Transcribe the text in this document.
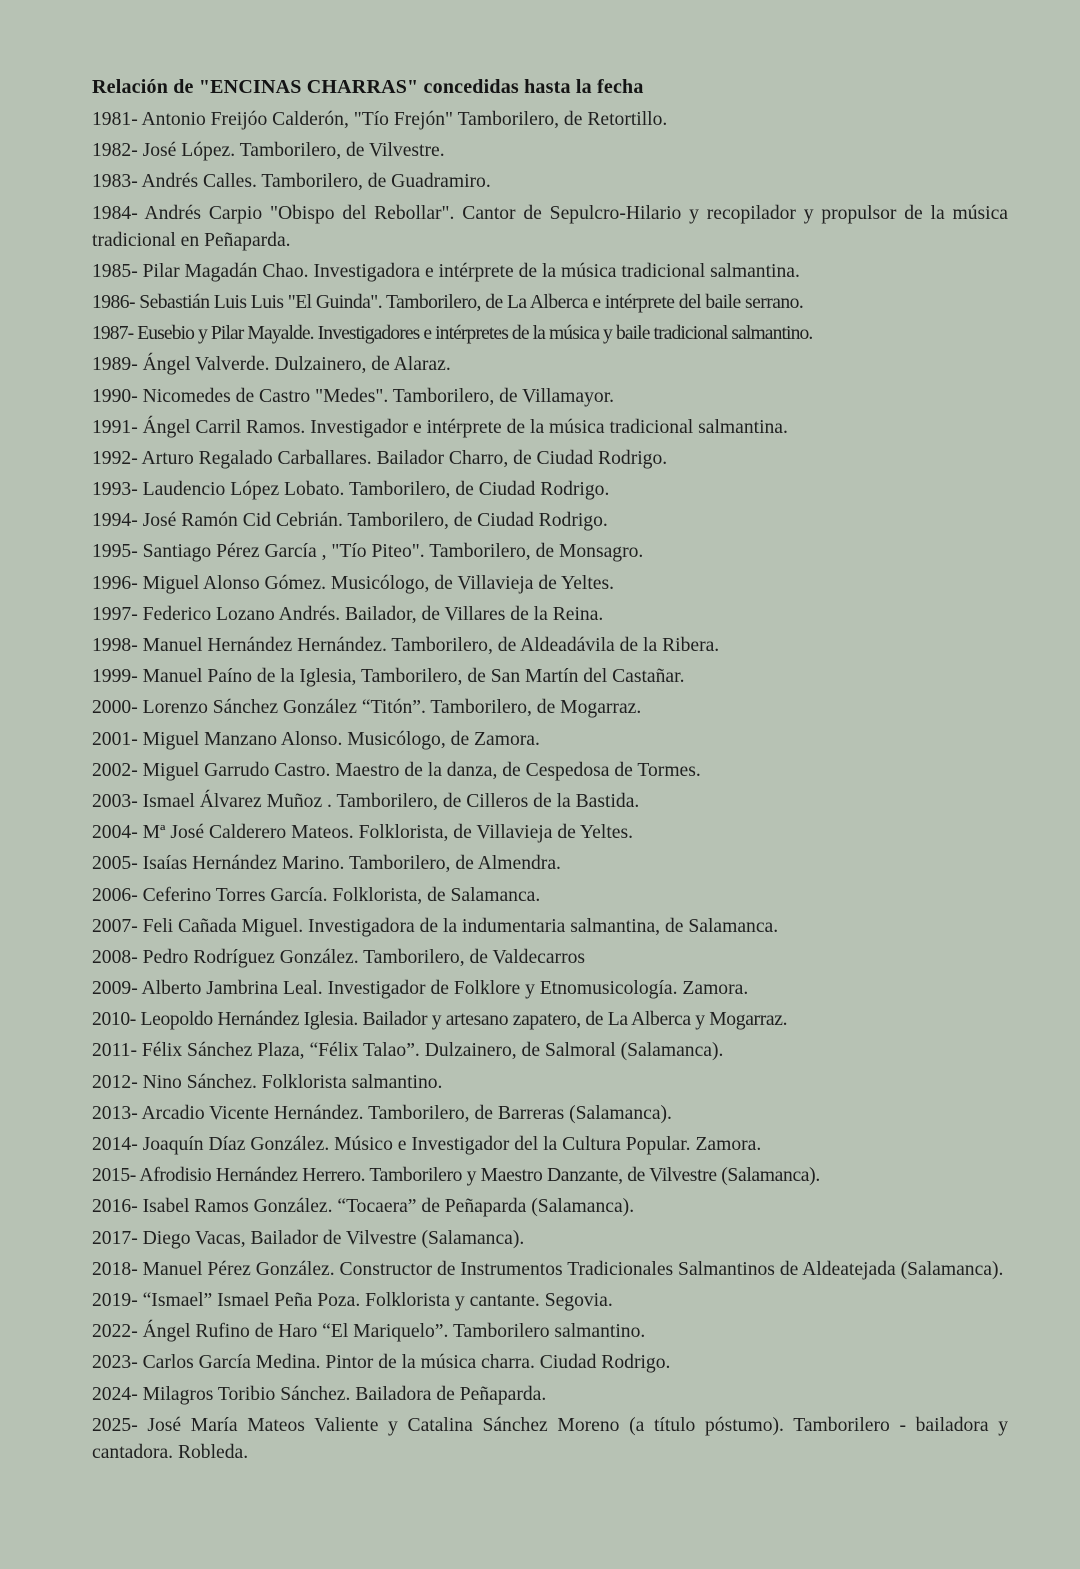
Relación de "ENCINAS CHARRAS" concedidas hasta la fecha
1981- Antonio Freijóo Calderón, "Tío Frejón" Tamborilero, de Retortillo.
1982- José López. Tamborilero, de Vilvestre.
1983- Andrés Calles. Tamborilero, de Guadramiro.
1984- Andrés Carpio "Obispo del Rebollar". Cantor de Sepulcro-Hilario y recopilador y propulsor de la música tradicional en Peñaparda.
1985- Pilar Magadán Chao. Investigadora e intérprete de la música tradicional salmantina.
1986- Sebastián Luis Luis "El Guinda". Tamborilero, de La Alberca e intérprete del baile serrano.
1987- Eusebio y Pilar Mayalde. Investigadores e intérpretes de la música y baile tradicional salmantino.
1989- Ángel Valverde. Dulzainero, de Alaraz.
1990- Nicomedes de Castro "Medes". Tamborilero, de Villamayor.
1991- Ángel Carril Ramos. Investigador e intérprete de la música tradicional salmantina.
1992- Arturo Regalado Carballares. Bailador Charro, de Ciudad Rodrigo.
1993- Laudencio López Lobato. Tamborilero, de Ciudad Rodrigo.
1994- José Ramón Cid Cebrián. Tamborilero, de Ciudad Rodrigo.
1995- Santiago Pérez García , "Tío Piteo". Tamborilero, de Monsagro.
1996- Miguel Alonso Gómez. Musicólogo, de Villavieja de Yeltes.
1997- Federico Lozano Andrés. Bailador, de Villares de la Reina.
1998- Manuel Hernández Hernández. Tamborilero, de Aldeadávila de la Ribera.
1999- Manuel Paíno de la Iglesia, Tamborilero, de San Martín del Castañar.
2000- Lorenzo Sánchez González “Titón”. Tamborilero, de Mogarraz.
2001- Miguel Manzano Alonso. Musicólogo, de Zamora.
2002- Miguel Garrudo Castro. Maestro de la danza, de Cespedosa de Tormes.
2003- Ismael Álvarez Muñoz . Tamborilero, de Cilleros de la Bastida.
2004- Mª José Calderero Mateos. Folklorista, de Villavieja de Yeltes.
2005- Isaías Hernández Marino. Tamborilero, de Almendra.
2006- Ceferino Torres García. Folklorista, de Salamanca.
2007- Feli Cañada Miguel. Investigadora de la indumentaria salmantina, de Salamanca.
2008- Pedro Rodríguez González. Tamborilero, de Valdecarros
2009- Alberto Jambrina Leal. Investigador de Folklore y Etnomusicología. Zamora.
2010- Leopoldo Hernández Iglesia. Bailador y artesano zapatero, de La Alberca y Mogarraz.
2011- Félix Sánchez Plaza, “Félix Talao”. Dulzainero, de Salmoral (Salamanca).
2012- Nino Sánchez. Folklorista salmantino.
2013- Arcadio Vicente Hernández. Tamborilero, de Barreras (Salamanca).
2014- Joaquín Díaz González. Músico e Investigador del la Cultura Popular. Zamora.
2015- Afrodisio Hernández Herrero. Tamborilero y Maestro Danzante, de Vilvestre (Salamanca).
2016- Isabel Ramos González. “Tocaera” de Peñaparda (Salamanca).
2017- Diego Vacas, Bailador de Vilvestre (Salamanca).
2018- Manuel Pérez González. Constructor de Instrumentos Tradicionales Salmantinos de Aldeatejada (Salamanca).
2019- “Ismael” Ismael Peña Poza. Folklorista y cantante. Segovia.
2022- Ángel Rufino de Haro “El Mariquelo”. Tamborilero salmantino.
2023- Carlos García Medina. Pintor de la música charra. Ciudad Rodrigo.
2024- Milagros Toribio Sánchez. Bailadora de Peñaparda.
2025- José María Mateos Valiente y Catalina Sánchez Moreno (a título póstumo). Tamborilero - bailadora y cantadora. Robleda.
